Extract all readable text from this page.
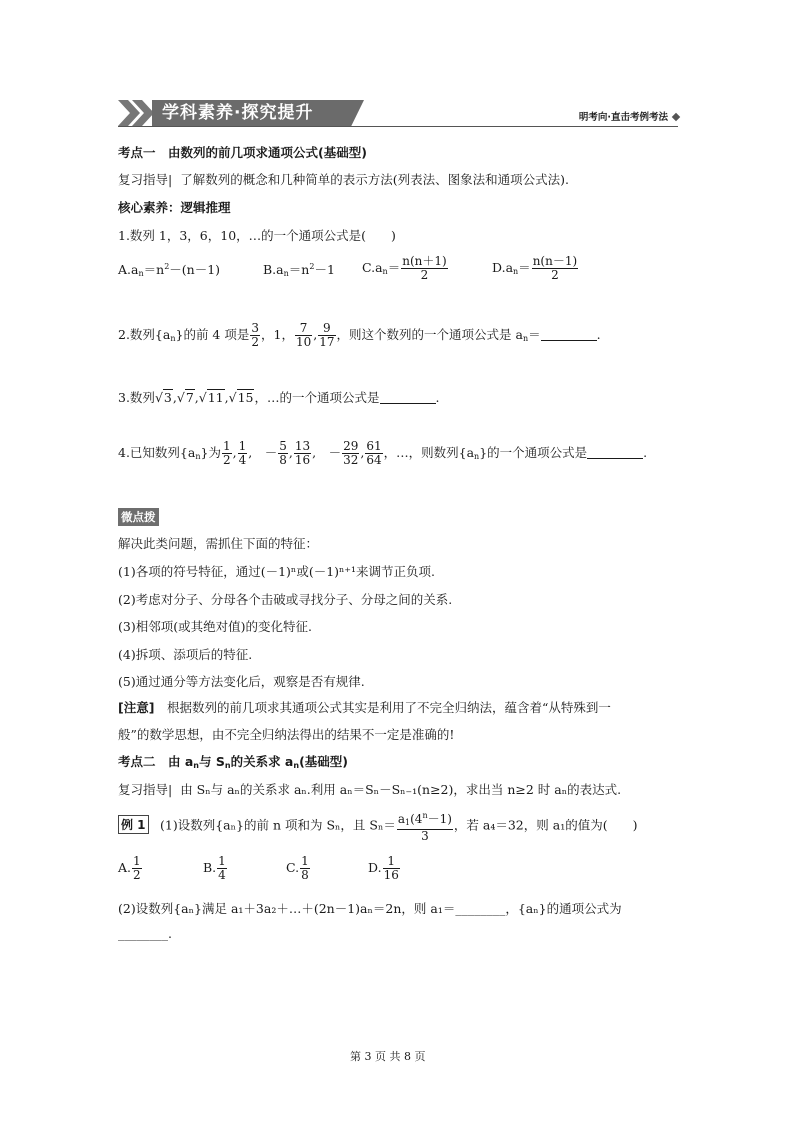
学科素养·探究提升	明考向·直击考例考法
考点一　由数列的前几项求通项公式(基础型)
复习指导|  了解数列的概念和几种简单的表示方法(列表法、图象法和通项公式法).
核心素养：逻辑推理
1.数列 1，3，6，10，…的一个通项公式是(　　)
$A.a_n=n^2-(n-1)$	$B.a_n=n^2-1$ $C.a_n= \frac{n(n+1)}{2}$	$D.a_n= \frac{n(n-1)}{2}$
2.数列$\{a_n\}$的前 4 项是 $\frac{3}{2}$ ，1， $\frac{7}{10}$ , $\frac{9}{17}$ ，则这个数列的一个通项公式是 $a_n=$	.
3.数列√3,√7,√11,√15，…的一个通项公式是	.
4.已知数列$\{a_n\}$为 $\frac{1}{2}$ , $\frac{1}{4}$ ,　－ $\frac{5}{8}$ , $\frac{13}{16}$ ,　－ $\frac{29}{32}$ , $\frac{61}{64}$ ，…，则数列$\{a_n\}$的一个通项公式是	.
微点拨
解决此类问题，需抓住下面的特征：
(1)各项的符号特征，通过(－1)ⁿ或(－1)ⁿ⁺¹来调节正负项.
(2)考虑对分子、分母各个击破或寻找分子、分母之间的关系.
(3)相邻项(或其绝对值)的变化特征.
(4)拆项、添项后的特征.
(5)通过通分等方法变化后，观察是否有规律.
[注意]　 根据数列的前几项求其通项公式其实是利用了不完全归纳法，蕴含着“从特殊到一
般”的数学思想，由不完全归纳法得出的结果不一定是准确的!
考点二　由 $a_n$与 $S_n$的关系求 $a_n$(基础型)
复习指导|  由 Sₙ与 aₙ的关系求 aₙ.利用 aₙ＝Sₙ－Sₙ₋₁(n≥2)，求出当 n≥2 时 aₙ的表达式.
例 1 (1)设数列{aₙ}的前 n 项和为 Sₙ，且 $S_n= \frac{a_1(4^n-1)}{3}$ ，若 a₄＝32，则 a₁的值为(　　)
A. $\frac{1}{2}$	B. $\frac{1}{4}$	C. $\frac{1}{8}$	D. $\frac{1}{16}$
(2)设数列{aₙ}满足 a₁＋3a₂＋…＋(2n－1)aₙ＝2n，则 a₁＝________，{aₙ}的通项公式为
________.
第 3 页 共 8 页
